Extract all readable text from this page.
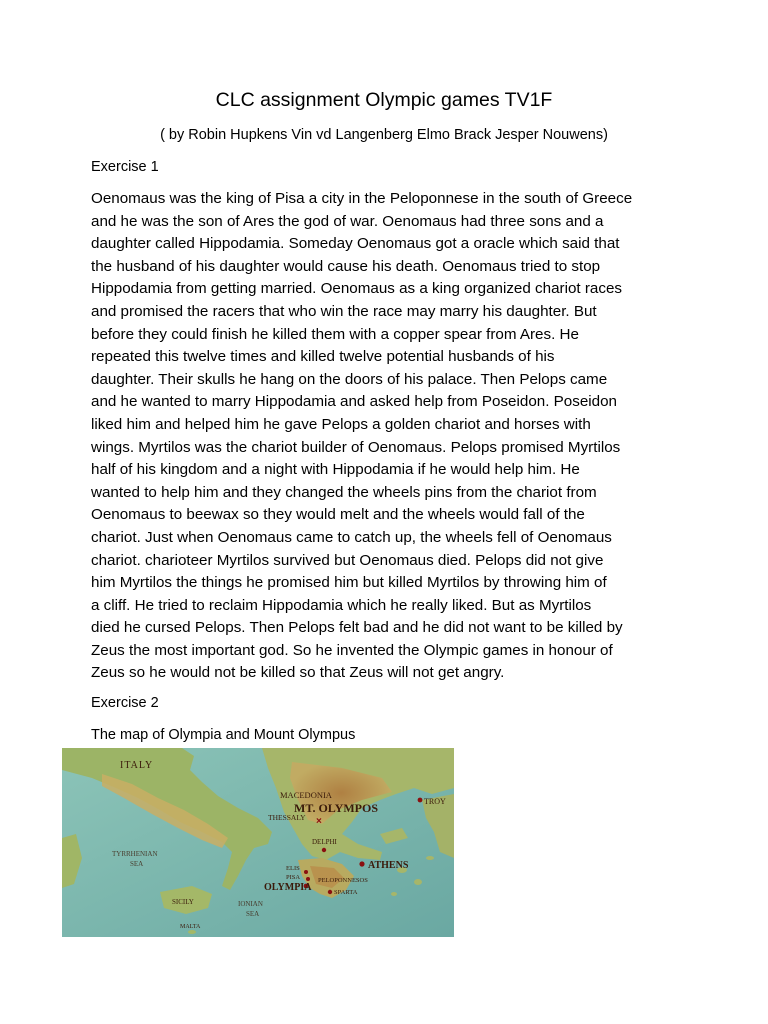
CLC assignment Olympic games TV1F
( by Robin Hupkens Vin vd Langenberg Elmo Brack Jesper Nouwens)
Exercise 1
Oenomaus was the king of Pisa a city in the Peloponnese in the south of Greece
and he was the son of Ares the god of war. Oenomaus had three sons and a
daughter called Hippodamia. Someday Oenomaus got a oracle which said that
the husband of his daughter would cause his death. Oenomaus tried to stop
Hippodamia from getting married. Oenomaus as a king organized chariot races
and promised the racers that who win the race may marry his daughter. But
before they could finish he killed them with a copper spear from Ares. He
repeated this twelve times and killed twelve potential husbands of his
daughter. Their skulls he hang on the doors of his palace. Then Pelops came
and he wanted to marry Hippodamia and asked help from Poseidon. Poseidon
liked him and helped him he gave Pelops a golden chariot and horses with
wings. Myrtilos was the chariot builder of Oenomaus. Pelops promised Myrtilos
half of his kingdom and a night with Hippodamia if he would help him. He
wanted to help him and they changed the wheels pins from the chariot from
Oenomaus to beewax so they would melt and the wheels would fall of the
chariot. Just when Oenomaus came to catch up, the wheels fell of Oenomaus
chariot. charioteer Myrtilos survived but Oenomaus died. Pelops did not give
him Myrtilos the things he promised him but killed Myrtilos by throwing him of
a cliff. He tried to reclaim Hippodamia which he really liked. But as Myrtilos
died he cursed Pelops. Then Pelops felt bad and he did not want to be killed by
Zeus the most important god. So he invented the Olympic games in honour of
Zeus so he would not be killed so that Zeus will not get angry.
Exercise 2
The map of Olympia and Mount Olympus
×
ITALY
MACEDONIA
MT. OLYMPOS	TROY
THESSALY
TYRRHENIAN
SEA
DELPHI
ATHENS
ELIS
PISA
OLYMPIA
PELOPONNESOS
SPARTA
IONIAN
SEA
SICILY
MALTA
